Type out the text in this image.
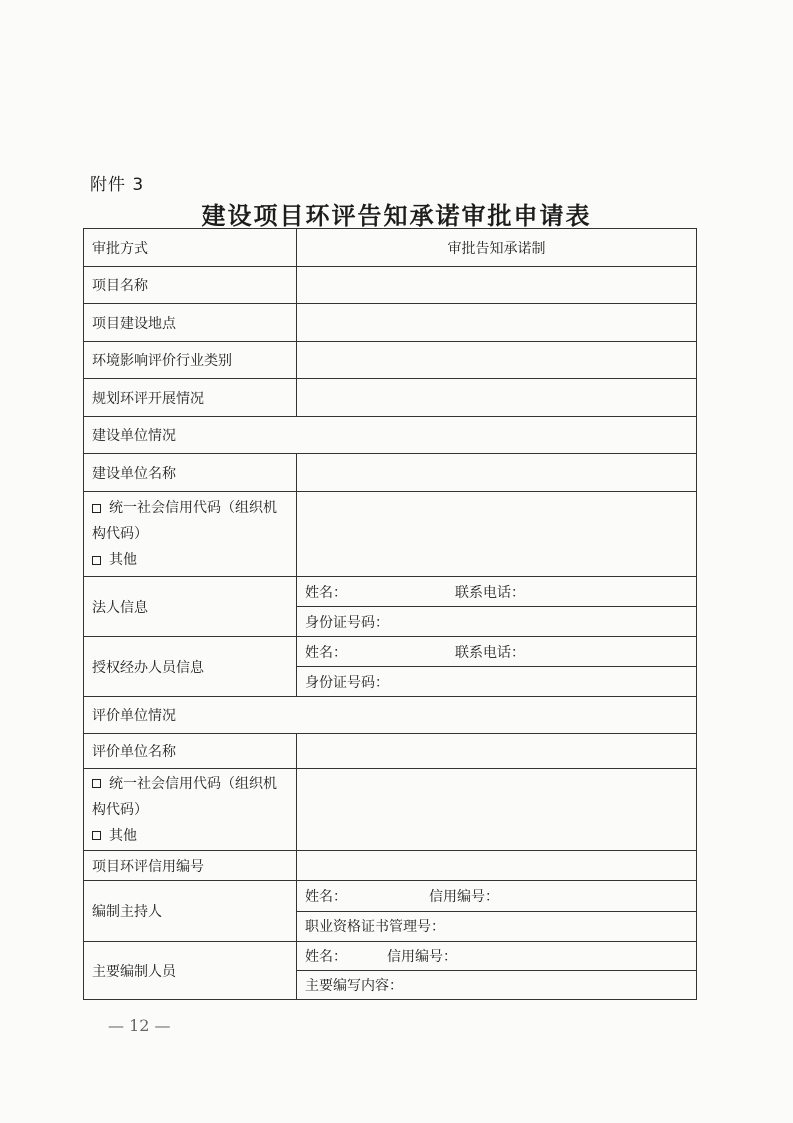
附件 3
建设项目环评告知承诺审批申请表
审批方式	审批告知承诺制
项目名称	
项目建设地点	
环境影响评价行业类别	
规划环评开展情况	
建设单位情况
建设单位名称	

统一社会信用代码（组织机构代码）
其他

法人信息	
姓名：	联系电话：
身份证号码：

授权经办人员信息	
姓名：	联系电话：
身份证号码：

评价单位情况
评价单位名称	

统一社会信用代码（组织机构代码）
其他

项目环评信用编号	
编制主持人	
姓名：	信用编号：
职业资格证书管理号：

主要编制人员	
姓名：	信用编号：
主要编写内容：
— 12 —
